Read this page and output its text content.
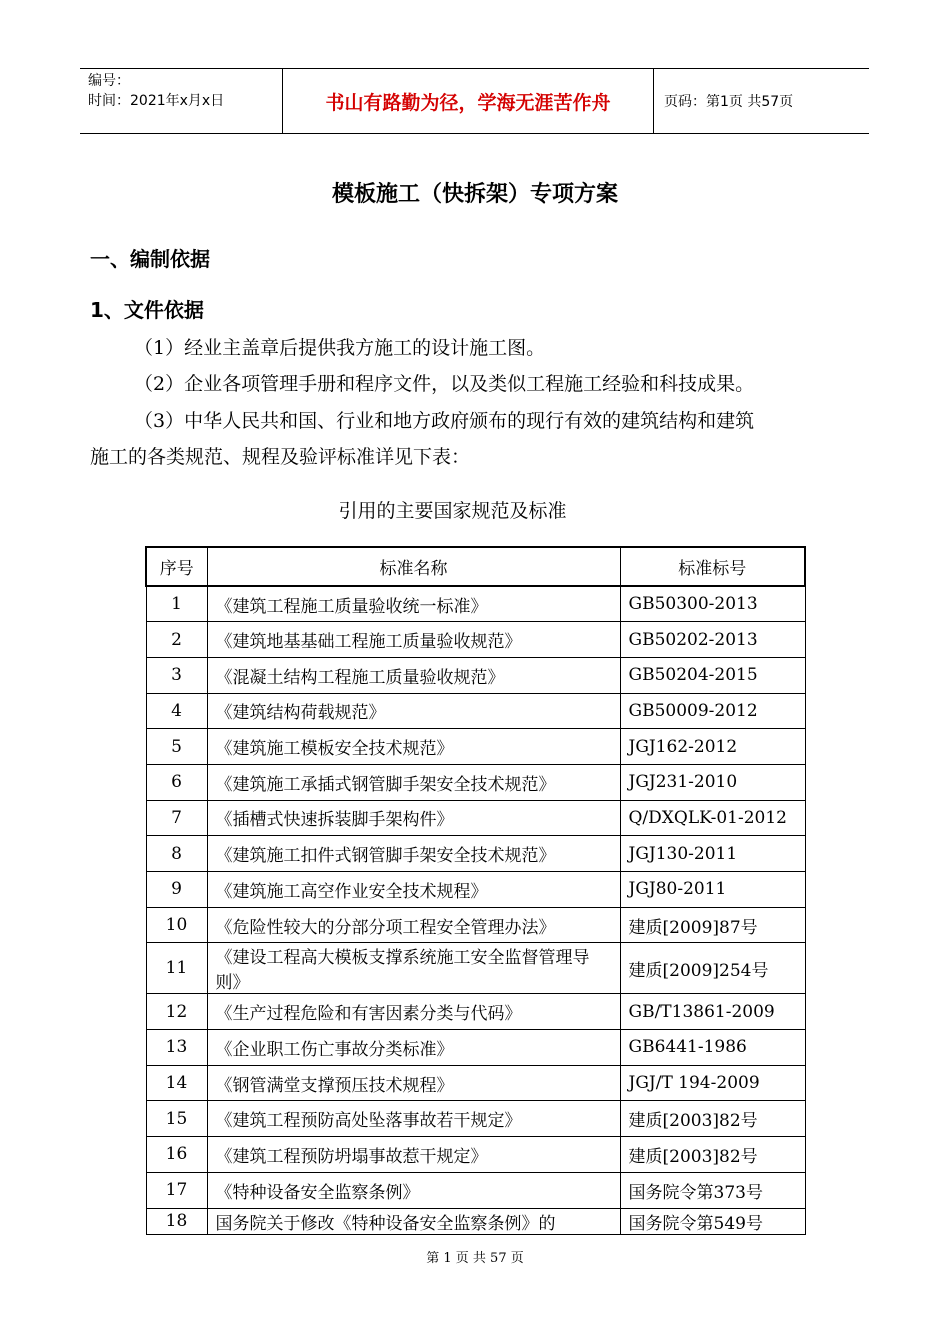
编号：
时间：2021年x月x日	书山有路勤为径，学海无涯苦作舟	页码：第1页 共57页
模板施工（快拆架）专项方案
一、编制依据
1、文件依据
（1）经业主盖章后提供我方施工的设计施工图。
（2）企业各项管理手册和程序文件，以及类似工程施工经验和科技成果。
（3）中华人民共和国、行业和地方政府颁布的现行有效的建筑结构和建筑
施工的各类规范、规程及验评标准详见下表：
引用的主要国家规范及标准
序号	标准名称	标准标号
1	《建筑工程施工质量验收统一标准》	GB50300-2013
2	《建筑地基基础工程施工质量验收规范》	GB50202-2013
3	《混凝土结构工程施工质量验收规范》	GB50204-2015
4	《建筑结构荷载规范》	GB50009-2012
5	《建筑施工模板安全技术规范》	JGJ162-2012
6	《建筑施工承插式钢管脚手架安全技术规范》	JGJ231-2010
7	《插槽式快速拆装脚手架构件》	Q/DXQLK-01-2012
8	《建筑施工扣件式钢管脚手架安全技术规范》	JGJ130-2011
9	《建筑施工高空作业安全技术规程》	JGJ80-2011
10	《危险性较大的分部分项工程安全管理办法》	建质[2009]87号
11	《建设工程高大模板支撑系统施工安全监督管理导则》	建质[2009]254号
12	《生产过程危险和有害因素分类与代码》	GB/T13861-2009
13	《企业职工伤亡事故分类标准》	GB6441-1986
14	《钢管满堂支撑预压技术规程》	JGJ/T 194-2009
15	《建筑工程预防高处坠落事故若干规定》	建质[2003]82号
16	《建筑工程预防坍塌事故惹干规定》	建质[2003]82号
17	《特种设备安全监察条例》	国务院令第373号
18	国务院关于修改《特种设备安全监察条例》的	国务院令第549号
第 1 页 共 57 页
